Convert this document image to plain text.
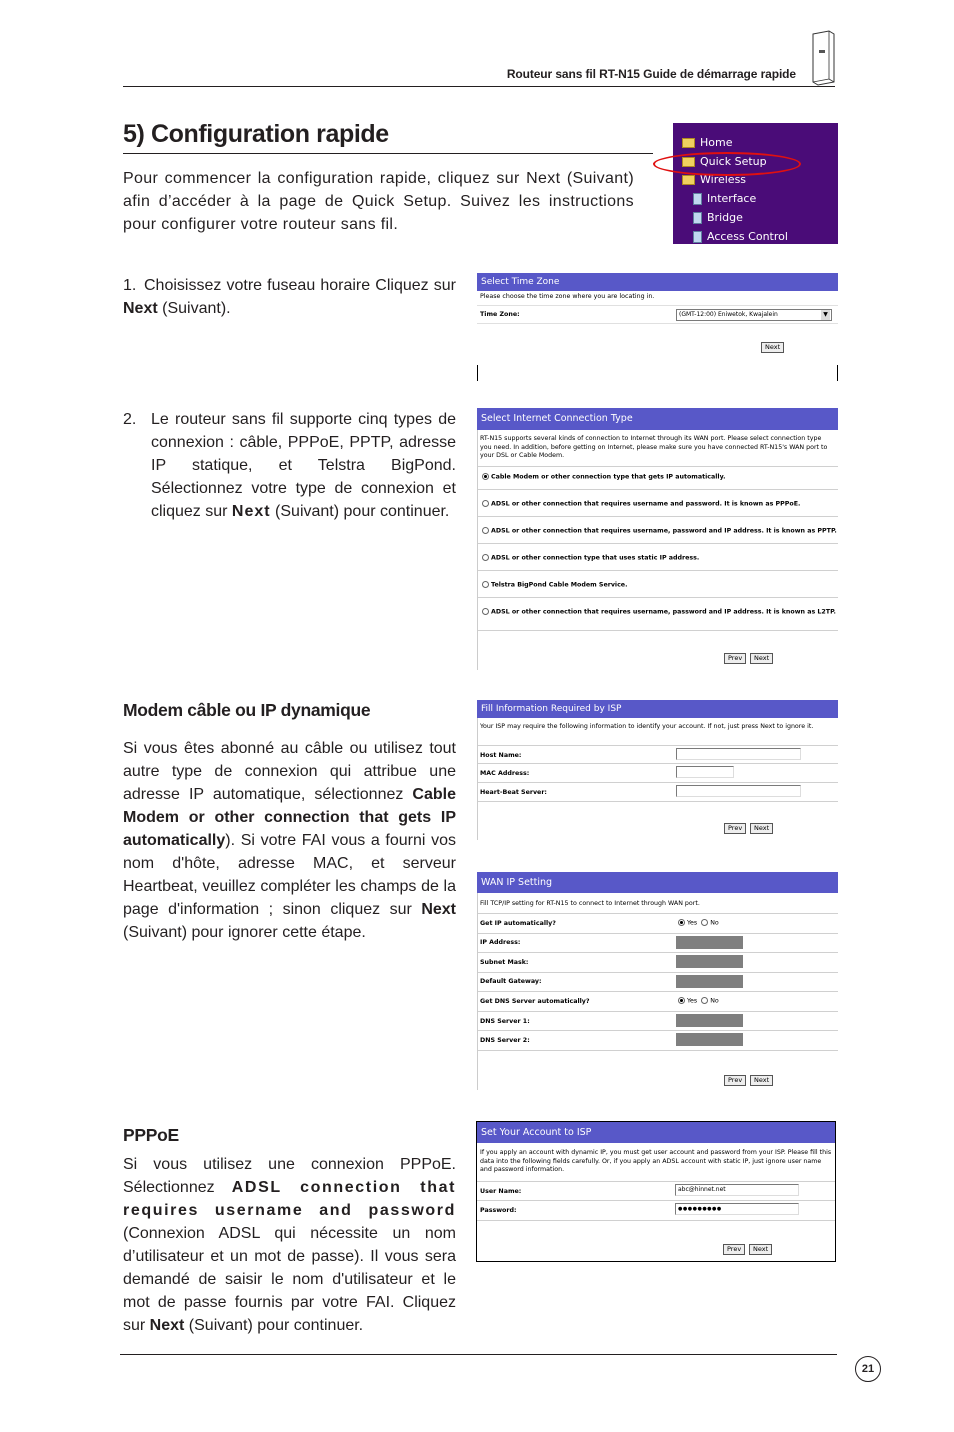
Routeur sans fil RT-N15 Guide de démarrage rapide
5) Configuration rapide
Pour commencer la configuration rapide, cliquez sur Next (Suivant) afin d’accéder à la page de Quick Setup. Suivez les instructions pour configurer votre routeur sans fil.
Home
Quick Setup
Wireless
Interface
Bridge
Access Control
1. Choisissez votre fuseau horaire Cliquez sur Next (Suivant).
Select Time Zone
Please choose the time zone where you are locating in.
Time Zone:	(GMT-12:00) Eniwetok, Kwajalein	▼
Next
2. Le routeur sans fil supporte cinq types de connexion : câble, PPPoE, PPTP, adresse IP statique, et Telstra BigPond. Sélectionnez votre type de connexion et cliquez sur Next (Suivant) pour continuer.
Select Internet Connection Type
RT-N15 supports several kinds of connection to Internet through its WAN port. Please select connection type you need. In addition, before getting on Internet, please make sure you have connected RT-N15's WAN port to your DSL or Cable Modem.
Cable Modem or other connection type that gets IP automatically.
ADSL or other connection that requires username and password. It is known as PPPoE.
ADSL or other connection that requires username, password and IP address. It is known as PPTP.
ADSL or other connection type that uses static IP address.
Telstra BigPond Cable Modem Service.
ADSL or other connection that requires username, password and IP address. It is known as L2TP.
Prev	Next
Modem câble ou IP dynamique
Si vous êtes abonné au câble ou utilisez tout autre type de connexion qui attribue une adresse IP automatique, sélectionnez Cable Modem or other connection that gets IP automatically). Si votre FAI vous a fourni vos nom d'hôte, adresse MAC, et serveur Heartbeat, veuillez compléter les champs de la page d'information ; sinon cliquez sur Next (Suivant) pour ignorer cette étape.
Fill Information Required by ISP
Your ISP may require the following information to identify your account. If not, just press Next to ignore it.
Host Name:
MAC Address:
Heart-Beat Server:
Prev	Next
WAN IP Setting
Fill TCP/IP setting for RT-N15 to connect to Internet through WAN port.
Get IP automatically?	Yes No
IP Address:
Subnet Mask:
Default Gateway:
Get DNS Server automatically?	Yes No
DNS Server 1:
DNS Server 2:
Prev	Next
PPPoE
Si vous utilisez une connexion PPPoE. Sélectionnez ADSL connection that requires username and password (Connexion ADSL qui nécessite un nom d’utilisateur et un mot de passe). Il vous sera demandé de saisir le nom d'utilisateur et le mot de passe fournis par votre FAI. Cliquez sur Next (Suivant) pour continuer.
Set Your Account to ISP
If you apply an account with dynamic IP, you must get user account and password from your ISP. Please fill this data into the following fields carefully. Or, if you apply an ADSL account with static IP, just ignore user name and password information.
User Name:	abc@hinnet.net
Password:	●●●●●●●●●
Prev	Next
21
